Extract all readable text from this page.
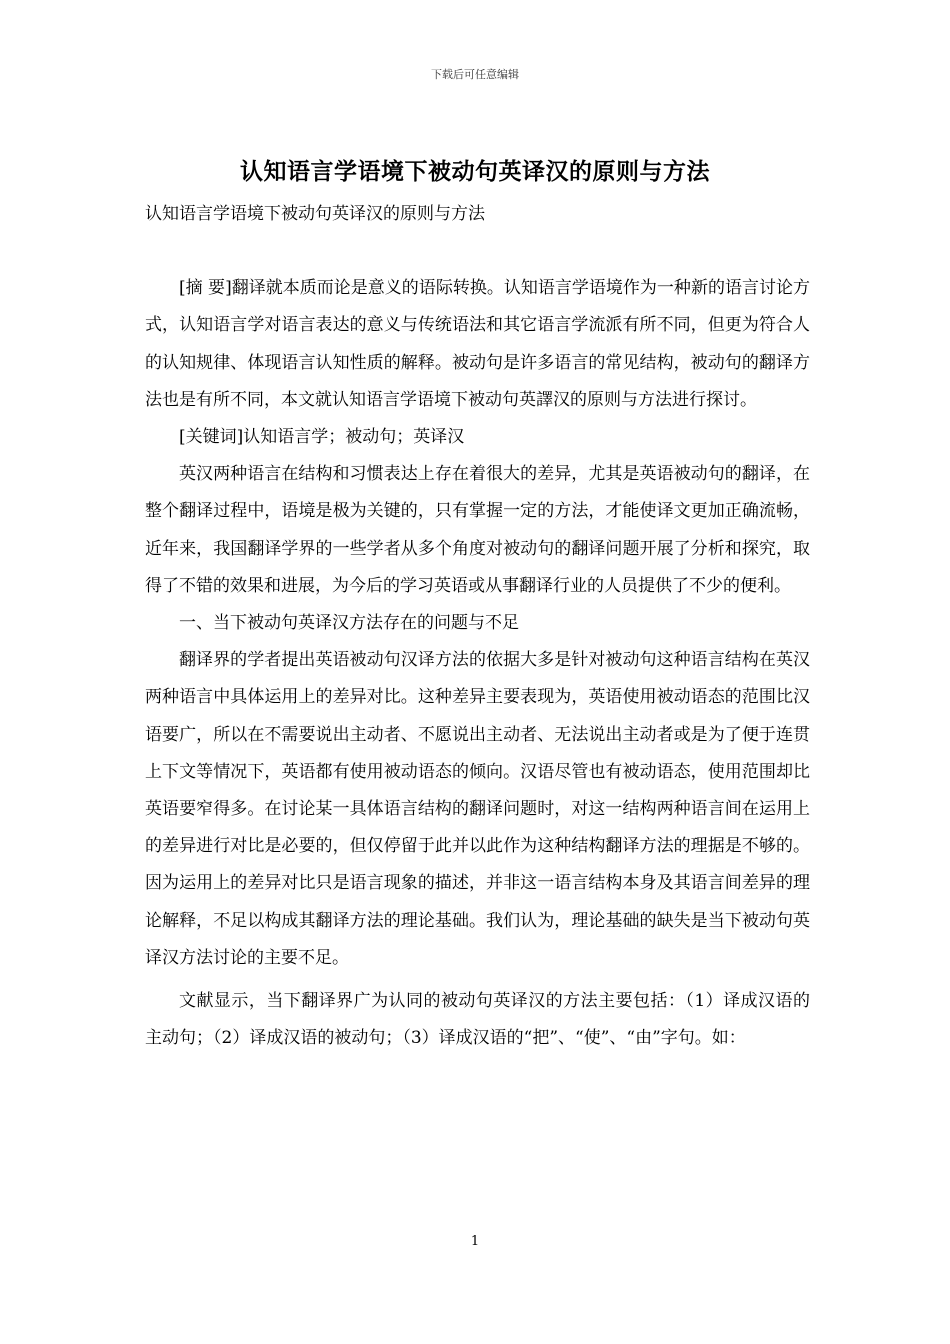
下载后可任意编辑
认知语言学语境下被动句英译汉的原则与方法

认知语言学语境下被动句英译汉的原则与方法

[摘 要]翻译就本质而论是意义的语际转换。认知语言学语境作为一种新的语言讨论方式，认知语言学对语言表达的意义与传统语法和其它语言学流派有所不同，但更为符合人的认知规律、体现语言认知性质的解释。被动句是许多语言的常见结构，被动句的翻译方法也是有所不同，本文就认知语言学语境下被动句英譯汉的原则与方法进行探讨。

[关键词]认知语言学；被动句；英译汉

英汉两种语言在结构和习惯表达上存在着很大的差异，尤其是英语被动句的翻译，在整个翻译过程中，语境是极为关键的，只有掌握一定的方法，才能使译文更加正确流畅，近年来，我国翻译学界的一些学者从多个角度对被动句的翻译问题开展了分析和探究，取得了不错的效果和进展，为今后的学习英语或从事翻译行业的人员提供了不少的便利。

一、当下被动句英译汉方法存在的问题与不足

翻译界的学者提出英语被动句汉译方法的依据大多是针对被动句这种语言结构在英汉两种语言中具体运用上的差异对比。这种差异主要表现为，英语使用被动语态的范围比汉语要广，所以在不需要说出主动者、不愿说出主动者、无法说出主动者或是为了便于连贯上下文等情况下，英语都有使用被动语态的倾向。汉语尽管也有被动语态，使用范围却比英语要窄得多。在讨论某一具体语言结构的翻译问题时，对这一结构两种语言间在运用上的差异进行对比是必要的，但仅停留于此并以此作为这种结构翻译方法的理据是不够的。因为运用上的差异对比只是语言现象的描述，并非这一语言结构本身及其语言间差异的理论解释，不足以构成其翻译方法的理论基础。我们认为，理论基础的缺失是当下被动句英译汉方法讨论的主要不足。

文献显示，当下翻译界广为认同的被动句英译汉的方法主要包括：（1）译成汉语的主动句；（2）译成汉语的被动句；（3）译成汉语的“把”、“使”、“由”字句。如：

1
